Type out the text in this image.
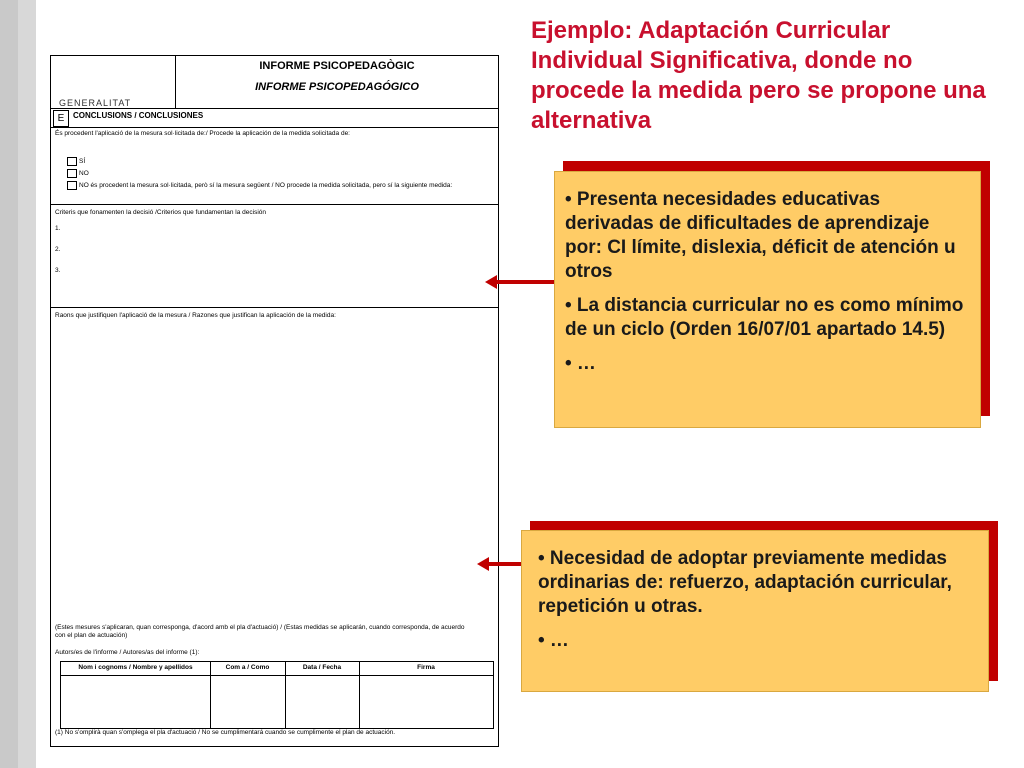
GENERALITAT
INFORME PSICOPEDAGÒGIC
INFORME PSICOPEDAGÓGICO
E	CONCLUSIONS / CONCLUSIONES
És procedent l'aplicació de la mesura sol·licitada de:/ Procede la aplicación de la medida solicitada de:
SÍ
NO
NO és procedent la mesura sol·licitada, però sí la mesura següent / NO procede la medida solicitada, pero sí la siguiente medida:
Criteris que fonamenten la decisió /Criterios que fundamentan la decisión
1.
2.
3.
Raons que justifiquen l'aplicació de la mesura / Razones que justifican la aplicación de la medida:
(Estes mesures s'aplicaran, quan corresponga, d'acord amb el pla d'actuació) / (Estas medidas se aplicarán, cuando corresponda, de acuerdo
con el plan de actuación)
Autors/es de l'informe / Autores/as del informe (1):
Nom i cognoms / Nombre y apellidos	Com a / Como	Data / Fecha	Firma
(1) No s'omplirà quan s'omplega el pla d'actuació / No se cumplimentará cuando se cumplimente el plan de actuación.
Ejemplo: Adaptación Curricular Individual Significativa, donde no procede la medida pero se propone una alternativa
• Presenta necesidades educativas derivadas de dificultades de aprendizaje por: CI límite, dislexia, déficit de atención u otros
• La distancia curricular no es como mínimo de un ciclo (Orden 16/07/01 apartado 14.5)
• …
• Necesidad de adoptar previamente medidas ordinarias de: refuerzo, adaptación curricular, repetición u otras.
• …
